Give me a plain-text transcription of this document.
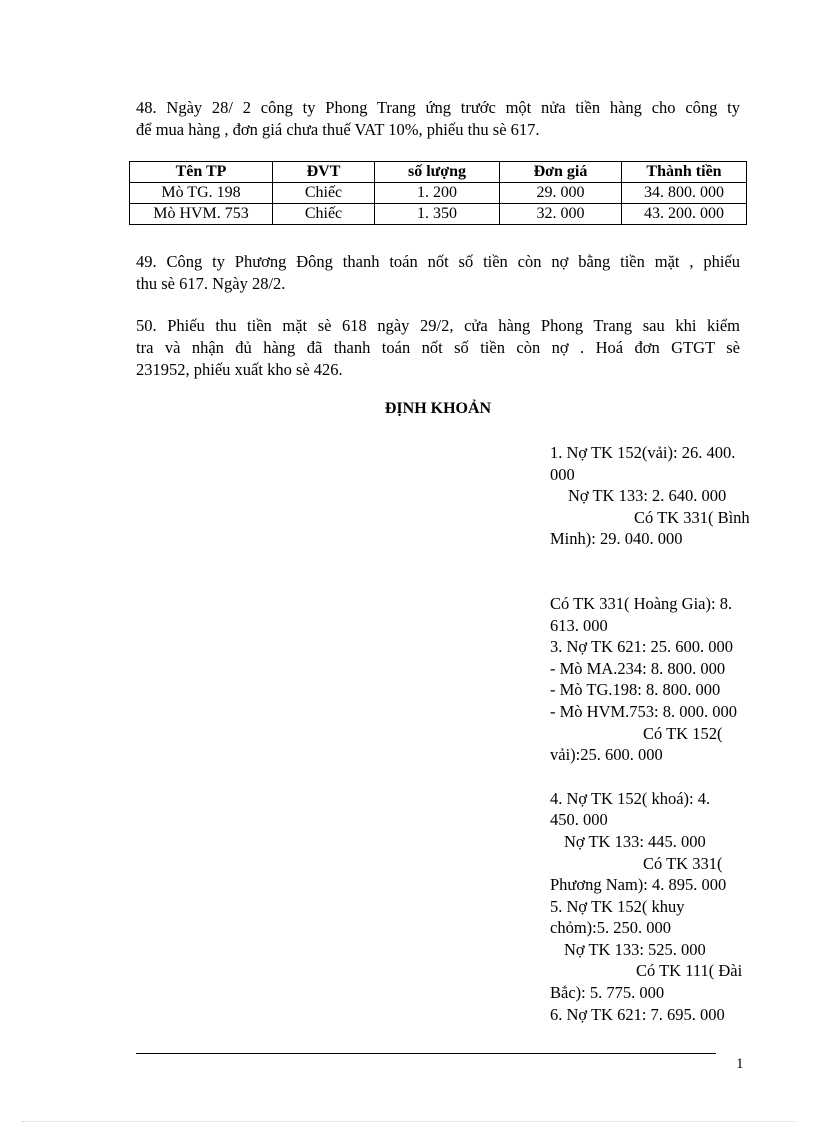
48. Ngày 28/ 2 công ty Phong Trang ứng trước một nửa tiền hàng cho công ty
để mua hàng , đơn giá chưa thuế VAT 10%, phiếu thu sè 617.
Tên TP	ĐVT	số lượng	Đơn giá	Thành tiền
Mò TG. 198	Chiếc	1. 200	29. 000	34. 800. 000
Mò HVM. 753	Chiếc	1. 350	32. 000	43. 200. 000
49. Công ty Phương Đông thanh toán nốt số tiền còn nợ bằng tiền mặt , phiếu
thu sè 617. Ngày 28/2.
50. Phiếu thu tiền mặt sè 618 ngày 29/2, cửa hàng Phong Trang sau khi kiểm
tra và nhận đủ hàng đã thanh toán nốt số tiền còn nợ . Hoá đơn GTGT sè
231952, phiếu xuất kho sè 426.
ĐỊNH KHOẢN
1. Nợ TK 152(vải): 26. 400.
000
Nợ TK 133: 2. 640. 000
Có TK 331( Bình
Minh): 29. 040. 000
Có TK 331( Hoàng Gia): 8.
613. 000
3. Nợ TK 621: 25. 600. 000
- Mò MA.234: 8. 800. 000
- Mò TG.198: 8. 800. 000
- Mò HVM.753: 8. 000. 000
Có TK 152(
vải):25. 600. 000
4. Nợ TK 152( khoá): 4.
450. 000
Nợ TK 133: 445. 000
Có TK 331(
Phương Nam): 4. 895. 000
5. Nợ TK 152( khuy
chỏm):5. 250. 000
Nợ TK 133: 525. 000
Có TK 111( Đài
Bắc): 5. 775. 000
6. Nợ TK 621: 7. 695. 000
1
